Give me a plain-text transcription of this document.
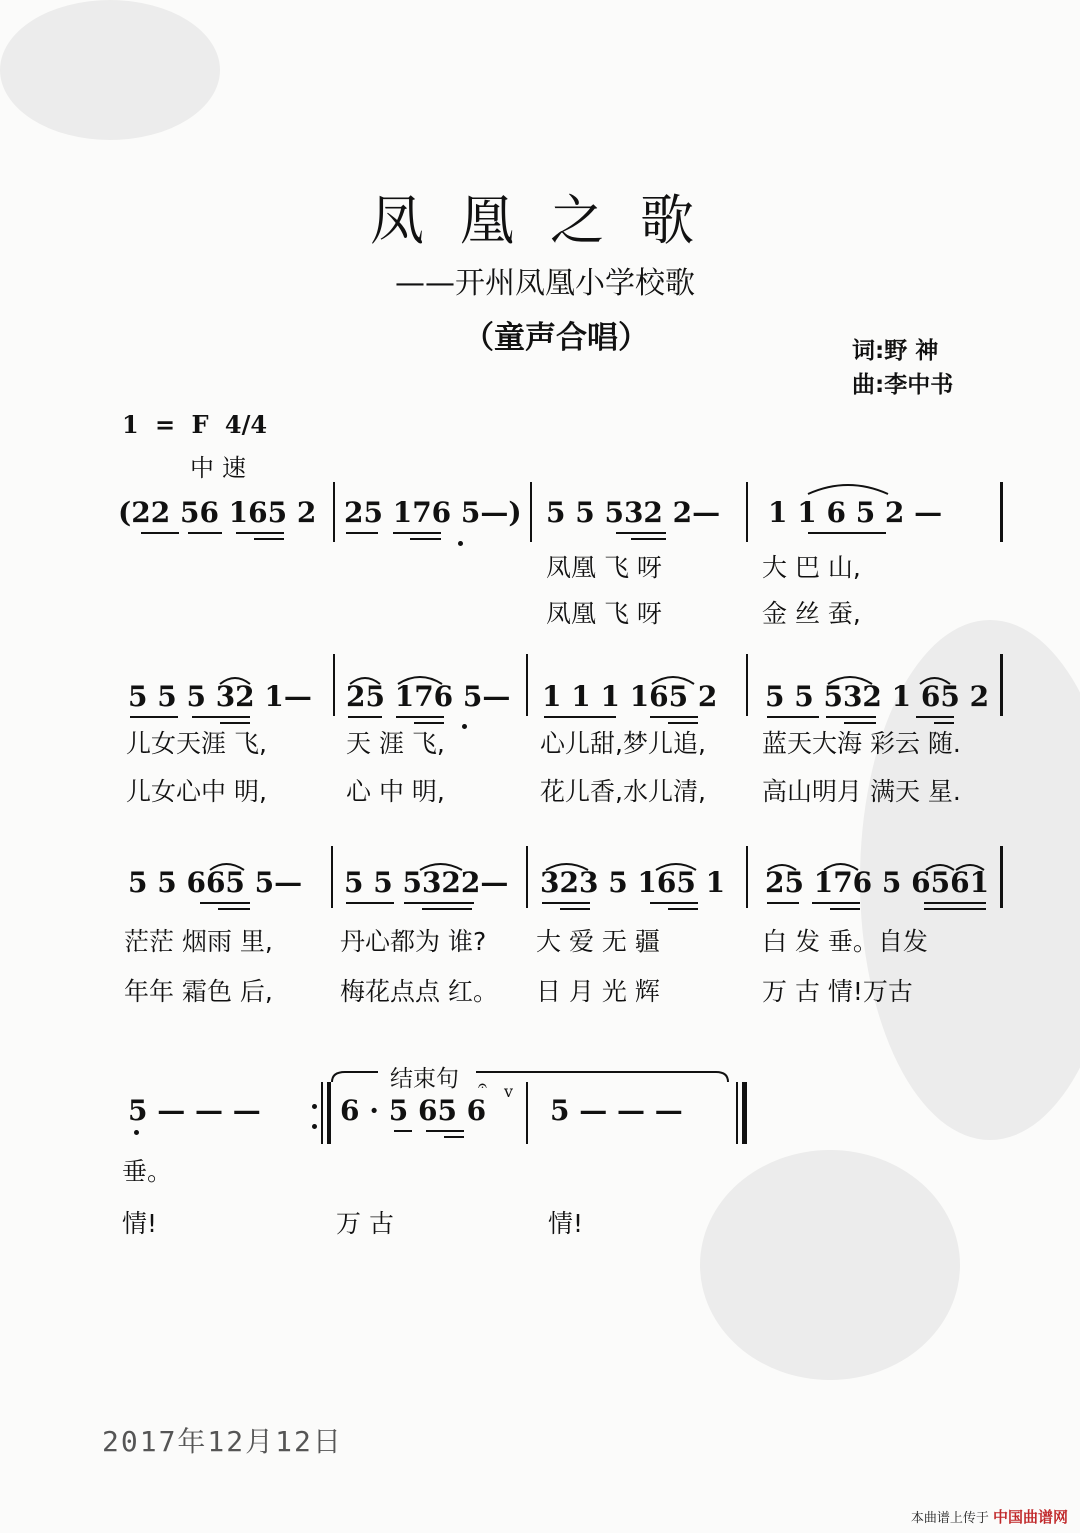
凤凰之歌
——开州凤凰小学校歌
（童声合唱）	词:野 神
曲:李中书
1 = F 4/4
中速
(22 56 165 2 25 176 5—) 5 5 532 2— 1 1 6 5 2 —
凤凰 飞 呀	大 巴 山,
凤凰 飞 呀	金 丝 蚕,
5 5 5 32 1— 25 176 5— 1 1 1 165 2 5 5 532 1 65 2
儿女天涯 飞,	天 涯 飞,	心儿甜,梦儿追, 蓝天大海 彩云 随.
儿女心中 明,	心 中 明,	花儿香,水儿清, 高山明月 满天 星.
5 5 665 5— 5 5 5322— 323 5 165 1 25 176 5 6561
茫茫 烟雨 里,	丹心都为 谁? 大 爱 无 疆	白 发 垂。自发
年年 霜色 后,	梅花点点 红。 日 月 光 辉	万 古 情!万古
结束句
5 — — —	6 · 5 65 6 5 — — —
𝄐 v
垂。
情!	万 古	情!
2017年12月12日
本曲谱上传于 中国曲谱网
